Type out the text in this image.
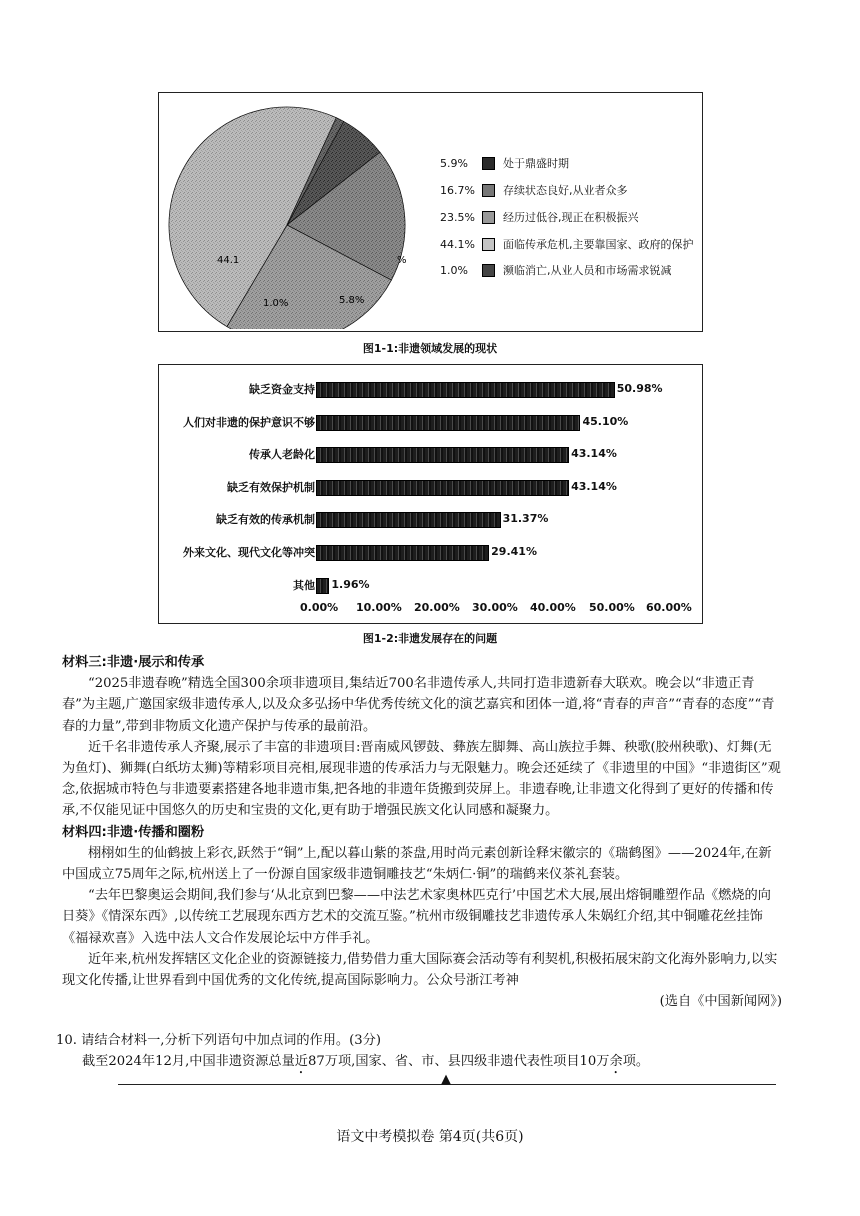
44.1	%
1.0%	5.8%
5.9%	处于鼎盛时期
16.7%	存续状态良好,从业者众多
23.5%	经历过低谷,现正在积极振兴
44.1%	面临传承危机,主要靠国家、政府的保护
1.0%	濒临消亡,从业人员和市场需求锐减
图1-1:非遗领域发展的现状
缺乏资金支持	50.98%
人们对非遗的保护意识不够	45.10%
传承人老龄化	43.14%
缺乏有效保护机制	43.14%
缺乏有效的传承机制	31.37%
外来文化、现代文化等冲突	29.41%
其他 1.96%
0.00% 10.00% 20.00% 30.00% 40.00% 50.00% 60.00%
图1-2:非遗发展存在的问题

材料三:非遗·展示和传承

“2025非遗春晚”精选全国300余项非遗项目,集结近700名非遗传承人,共同打造非遗新春大联欢。晚会以“非遗正青春”为主题,广邀国家级非遗传承人,以及众多弘扬中华优秀传统文化的演艺嘉宾和团体一道,将“青春的声音”“青春的态度”“青春的力量”,带到非物质文化遗产保护与传承的最前沿。

近千名非遗传承人齐聚,展示了丰富的非遗项目:晋南威风锣鼓、彝族左脚舞、高山族拉手舞、秧歌(胶州秧歌)、灯舞(无为鱼灯)、狮舞(白纸坊太狮)等精彩项目亮相,展现非遗的传承活力与无限魅力。晚会还延续了《非遗里的中国》“非遗街区”观念,依据城市特色与非遗要素搭建各地非遗市集,把各地的非遗年货搬到荧屏上。非遗春晚,让非遗文化得到了更好的传播和传承,不仅能见证中国悠久的历史和宝贵的文化,更有助于增强民族文化认同感和凝聚力。

材料四:非遗·传播和圈粉

栩栩如生的仙鹤披上彩衣,跃然于“铜”上,配以暮山紫的茶盘,用时尚元素创新诠释宋徽宗的《瑞鹤图》——2024年,在新中国成立75周年之际,杭州送上了一份源自国家级非遗铜雕技艺“朱炳仁·铜”的瑞鹤来仪茶礼套装。

“去年巴黎奥运会期间,我们参与‘从北京到巴黎——中法艺术家奥林匹克行’中国艺术大展,展出熔铜雕塑作品《燃烧的向日葵》《情深东西》,以传统工艺展现东西方艺术的交流互鉴。”杭州市级铜雕技艺非遗传承人朱娲红介绍,其中铜雕花丝挂饰《福禄欢喜》入选中法人文合作发展论坛中方伴手礼。

近年来,杭州发挥辖区文化企业的资源链接力,借势借力重大国际赛会活动等有利契机,积极拓展宋韵文化海外影响力,以实现文化传播,让世界看到中国优秀的文化传统,提高国际影响力。公众号浙江考神

(选自《中国新闻网》)

10. 请结合材料一,分析下列语句中加点词的作用。(3分)

截至2024年12月,中国非遗资源总量近87万项,国家、省、市、县四级非遗代表性项目10万余项。

▲
语文中考模拟卷 第4页(共6页)
